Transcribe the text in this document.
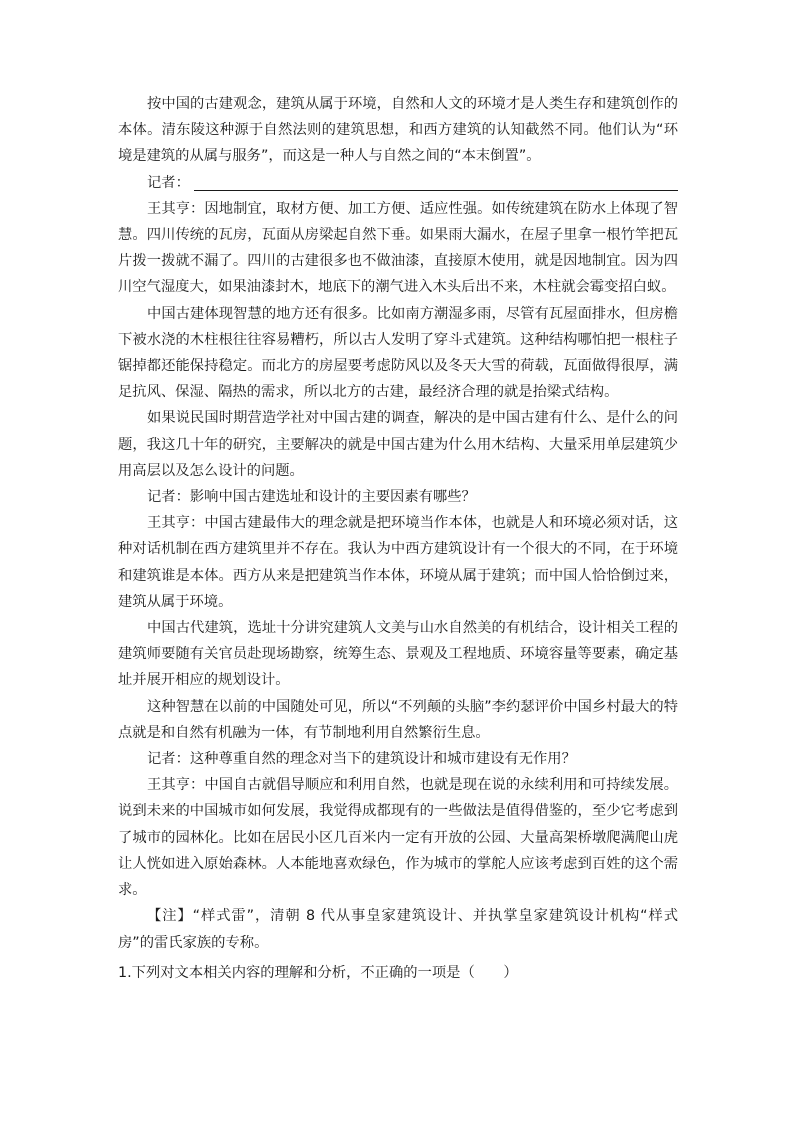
按中国的古建观念，建筑从属于环境，自然和人文的环境才是人类生存和建筑创作的本体。清东陵这种源于自然法则的建筑思想，和西方建筑的认知截然不同。他们认为“环境是建筑的从属与服务”，而这是一种人与自然之间的“本末倒置”。

记者：

王其亨：因地制宜，取材方便、加工方便、适应性强。如传统建筑在防水上体现了智慧。四川传统的瓦房，瓦面从房梁起自然下垂。如果雨大漏水，在屋子里拿一根竹竿把瓦片拨一拨就不漏了。四川的古建很多也不做油漆，直接原木使用，就是因地制宜。因为四川空气湿度大，如果油漆封木，地底下的潮气进入木头后出不来，木柱就会霉变招白蚁。

中国古建体现智慧的地方还有很多。比如南方潮湿多雨，尽管有瓦屋面排水，但房檐下被水浇的木柱根往往容易糟朽，所以古人发明了穿斗式建筑。这种结构哪怕把一根柱子锯掉都还能保持稳定。而北方的房屋要考虑防风以及冬天大雪的荷载，瓦面做得很厚，满足抗风、保湿、隔热的需求，所以北方的古建，最经济合理的就是抬梁式结构。

如果说民国时期营造学社对中国古建的调查，解决的是中国古建有什么、是什么的问题，我这几十年的研究，主要解决的就是中国古建为什么用木结构、大量采用单层建筑少用高层以及怎么设计的问题。

记者：影响中国古建选址和设计的主要因素有哪些？

王其亨：中国古建最伟大的理念就是把环境当作本体，也就是人和环境必须对话，这种对话机制在西方建筑里并不存在。我认为中西方建筑设计有一个很大的不同，在于环境和建筑谁是本体。西方从来是把建筑当作本体，环境从属于建筑；而中国人恰恰倒过来，建筑从属于环境。

中国古代建筑，选址十分讲究建筑人文美与山水自然美的有机结合，设计相关工程的建筑师要随有关官员赴现场勘察，统筹生态、景观及工程地质、环境容量等要素，确定基址并展开相应的规划设计。

这种智慧在以前的中国随处可见，所以“不列颠的头脑”李约瑟评价中国乡村最大的特点就是和自然有机融为一体，有节制地利用自然繁衍生息。

记者：这种尊重自然的理念对当下的建筑设计和城市建设有无作用？

王其亨：中国自古就倡导顺应和利用自然，也就是现在说的永续利用和可持续发展。说到未来的中国城市如何发展，我觉得成都现有的一些做法是值得借鉴的，至少它考虑到了城市的园林化。比如在居民小区几百米内一定有开放的公园、大量高架桥墩爬满爬山虎让人恍如进入原始森林。人本能地喜欢绿色，作为城市的掌舵人应该考虑到百姓的这个需求。

【注】“样式雷”，清朝 8 代从事皇家建筑设计、并执掌皇家建筑设计机构“样式房”的雷氏家族的专称。

1.下列对文本相关内容的理解和分析，不正确的一项是（　　）
